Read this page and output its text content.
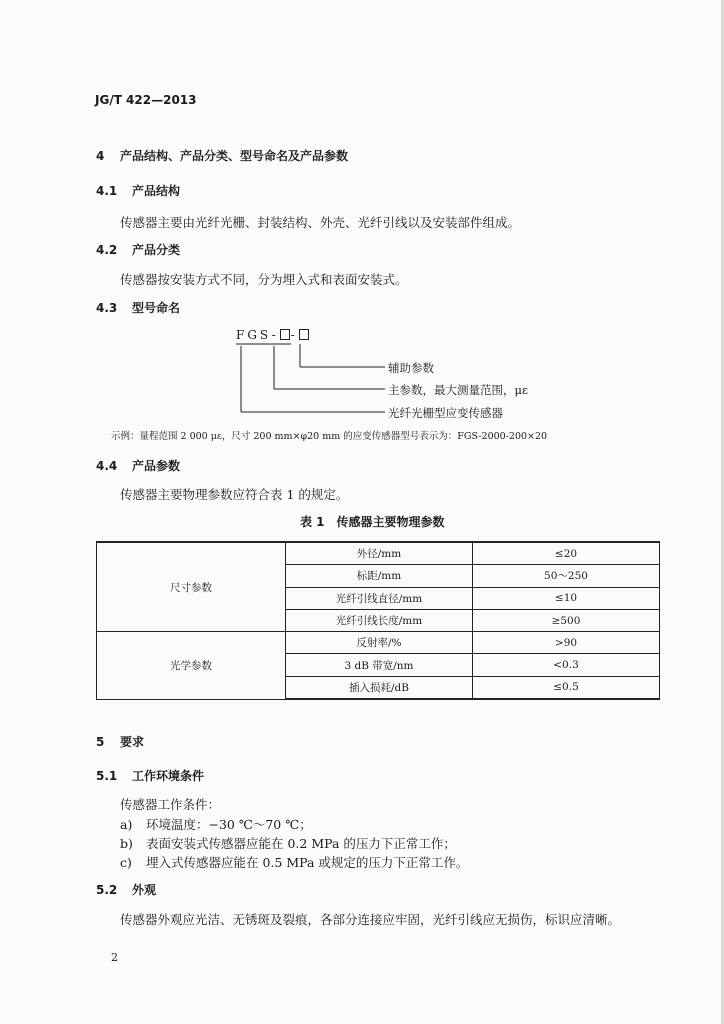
JG/T 422—2013
4 产品结构、产品分类、型号命名及产品参数
4.1 产品结构
传感器主要由光纤光栅、封装结构、外壳、光纤引线以及安装部件组成。
4.2 产品分类
传感器按安装方式不同，分为埋入式和表面安装式。
4.3 型号命名
FGS- -
辅助参数
主参数，最大测量范围，με
光纤光栅型应变传感器
示例：量程范围 2 000 με，尺寸 200 mm×φ20 mm 的应变传感器型号表示为：FGS-2000-200×20
4.4 产品参数
传感器主要物理参数应符合表 1 的规定。
表 1　传感器主要物理参数
尺寸参数	外径/mm	≤20
	标距/mm	50～250
	光纤引线直径/mm	≤10
	光纤引线长度/mm	≥500
光学参数	反射率/%	>90
	3 dB 带宽/nm	<0.3
	插入损耗/dB	≤0.5
5 要求
5.1 工作环境条件
传感器工作条件：
a) 环境温度：−30 ℃～70 ℃；
b) 表面安装式传感器应能在 0.2 MPa 的压力下正常工作；
c) 埋入式传感器应能在 0.5 MPa 或规定的压力下正常工作。
5.2 外观
传感器外观应光洁、无锈斑及裂痕，各部分连接应牢固，光纤引线应无损伤，标识应清晰。
2
